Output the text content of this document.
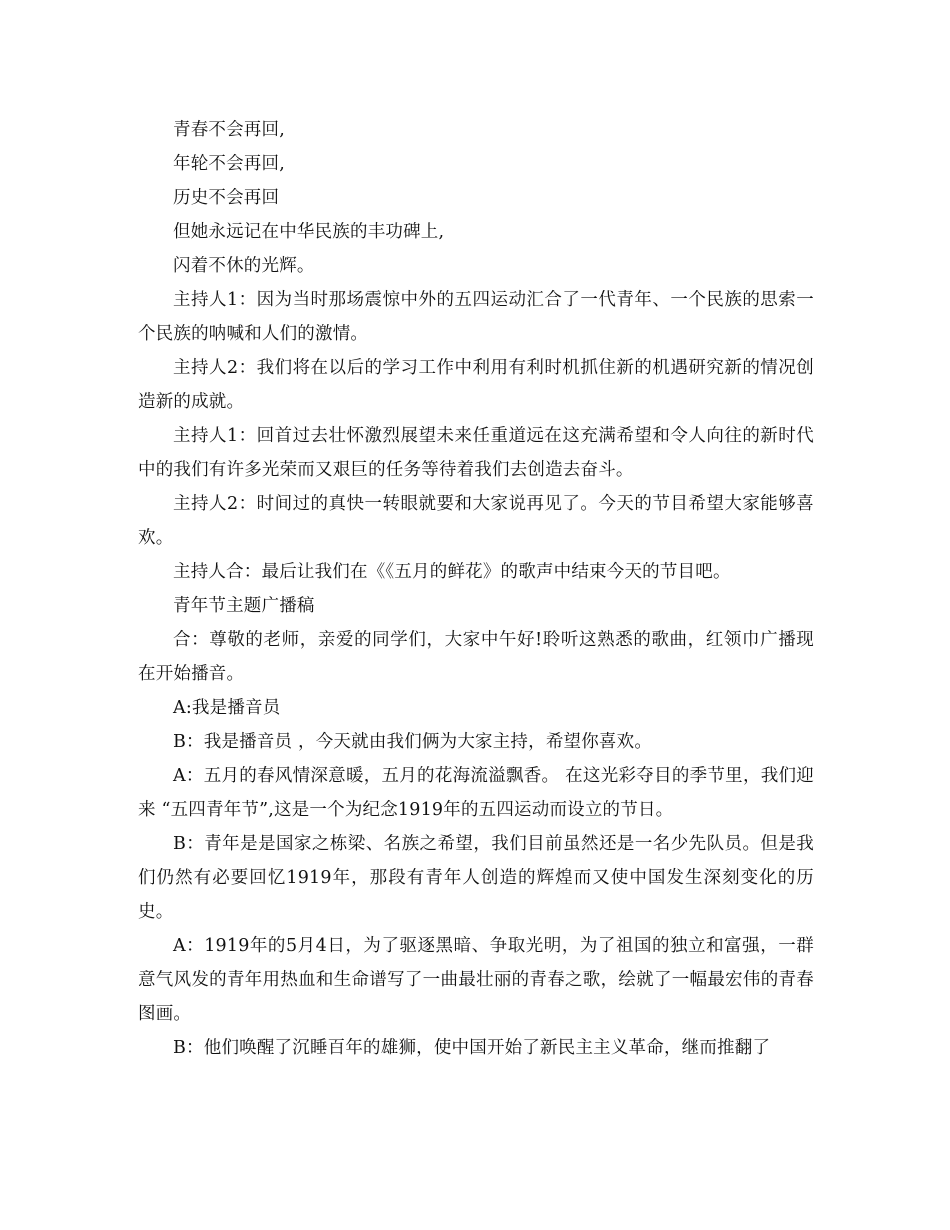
青春不会再回,

年轮不会再回,

历史不会再回

但她永远记在中华民族的丰功碑上,

闪着不休的光辉。

主持人1：因为当时那场震惊中外的五四运动汇合了一代青年、一个民族的思索一个民族的呐喊和人们的激情。

主持人2：我们将在以后的学习工作中利用有利时机抓住新的机遇研究新的情况创造新的成就。

主持人1：回首过去壮怀激烈展望未来任重道远在这充满希望和令人向往的新时代中的我们有许多光荣而又艰巨的任务等待着我们去创造去奋斗。

主持人2：时间过的真快一转眼就要和大家说再见了。今天的节目希望大家能够喜欢。

主持人合：最后让我们在《《五月的鲜花》的歌声中结束今天的节目吧。

青年节主题广播稿

合：尊敬的老师，亲爱的同学们，大家中午好!聆听这熟悉的歌曲，红领巾广播现在开始播音。

A:我是播音员

B：我是播音员 ，今天就由我们俩为大家主持，希望你喜欢。

A：五月的春风情深意暖，五月的花海流溢飘香。 在这光彩夺目的季节里，我们迎来 “五四青年节”,这是一个为纪念1919年的五四运动而设立的节日。

B：青年是是国家之栋梁、名族之希望，我们目前虽然还是一名少先队员。但是我们仍然有必要回忆1919年，那段有青年人创造的辉煌而又使中国发生深刻变化的历史。

A：1919年的5月4日，为了驱逐黑暗、争取光明，为了祖国的独立和富强，一群意气风发的青年用热血和生命谱写了一曲最壮丽的青春之歌，绘就了一幅最宏伟的青春图画。

B：他们唤醒了沉睡百年的雄狮，使中国开始了新民主主义革命，继而推翻了
